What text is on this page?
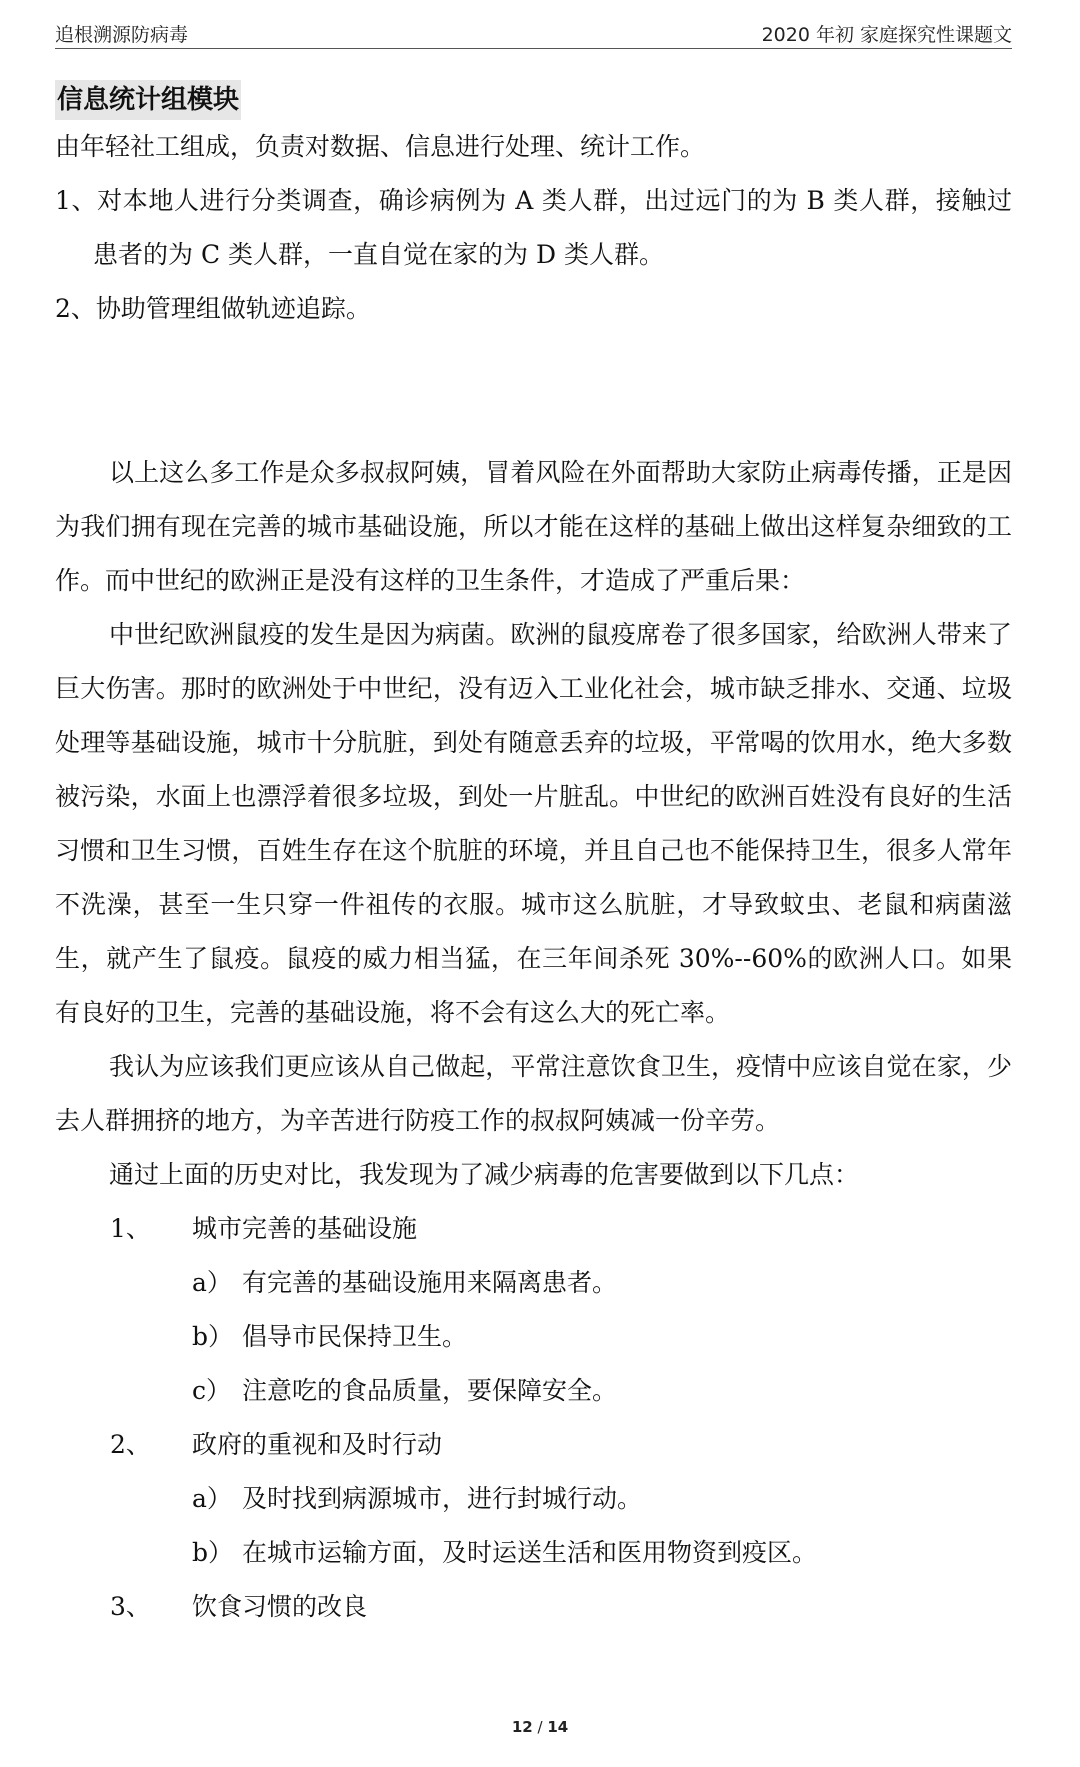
追根溯源防病毒	2020 年初 家庭探究性课题文
信息统计组模块

由年轻社工组成，负责对数据、信息进行处理、统计工作。

1、对本地人进行分类调查，确诊病例为 A 类人群，出过远门的为 B 类人群，接触过患者的为 C 类人群，一直自觉在家的为 D 类人群。

2、协助管理组做轨迹追踪。

以上这么多工作是众多叔叔阿姨，冒着风险在外面帮助大家防止病毒传播，正是因为我们拥有现在完善的城市基础设施，所以才能在这样的基础上做出这样复杂细致的工作。而中世纪的欧洲正是没有这样的卫生条件，才造成了严重后果：

中世纪欧洲鼠疫的发生是因为病菌。欧洲的鼠疫席卷了很多国家，给欧洲人带来了巨大伤害。那时的欧洲处于中世纪，没有迈入工业化社会，城市缺乏排水、交通、垃圾处理等基础设施，城市十分肮脏，到处有随意丢弃的垃圾，平常喝的饮用水，绝大多数被污染，水面上也漂浮着很多垃圾，到处一片脏乱。中世纪的欧洲百姓没有良好的生活习惯和卫生习惯，百姓生存在这个肮脏的环境，并且自己也不能保持卫生，很多人常年不洗澡，甚至一生只穿一件祖传的衣服。城市这么肮脏，才导致蚊虫、老鼠和病菌滋生，就产生了鼠疫。鼠疫的威力相当猛，在三年间杀死 30%--60%的欧洲人口。如果有良好的卫生，完善的基础设施，将不会有这么大的死亡率。

我认为应该我们更应该从自己做起，平常注意饮食卫生，疫情中应该自觉在家，少去人群拥挤的地方，为辛苦进行防疫工作的叔叔阿姨减一份辛劳。

通过上面的历史对比，我发现为了减少病毒的危害要做到以下几点：

1、 城市完善的基础设施
a） 有完善的基础设施用来隔离患者。
b） 倡导市民保持卫生。
c） 注意吃的食品质量，要保障安全。
2、 政府的重视和及时行动
a） 及时找到病源城市，进行封城行动。
b） 在城市运输方面，及时运送生活和医用物资到疫区。
3、 饮食习惯的改良
12 / 14
